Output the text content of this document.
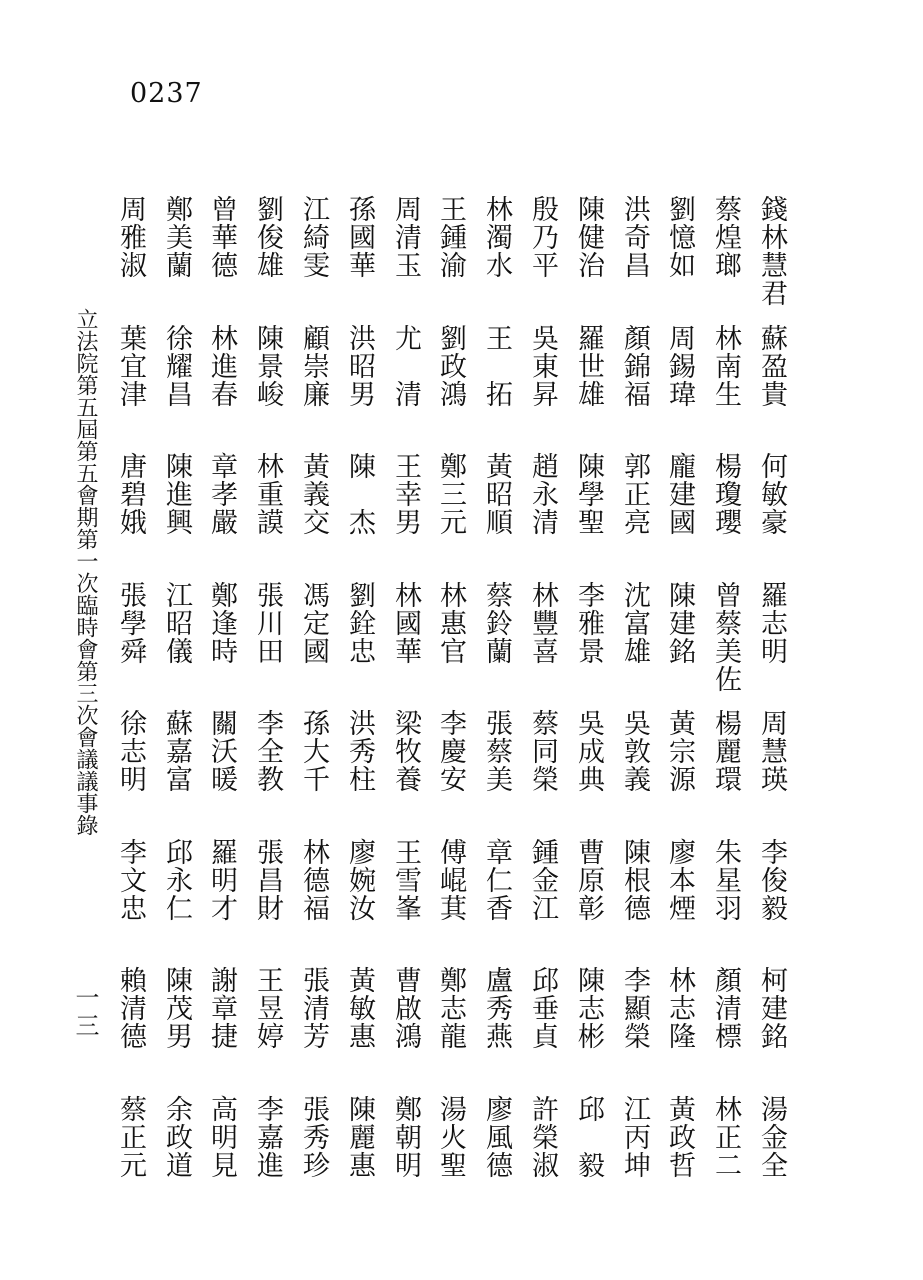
0237
立法院第五屆第五會期第一次臨時會第三次會議議事錄
一三
錢林慧君
蘇盈貴
何敏豪
羅志明
周慧瑛
李俊毅
柯建銘
湯金全
蔡煌瑯
林南生
楊瓊瓔
曾蔡美佐
楊麗環
朱星羽
顏清標
林正二
劉憶如
周錫瑋
龐建國
陳建銘
黃宗源
廖本煙
林志隆
黃政哲
洪奇昌
顏錦福
郭正亮
沈富雄
吳敦義
陳根德
李顯榮
江丙坤
陳健治
羅世雄
陳學聖
李雅景
吳成典
曹原彰
陳志彬
邱　毅
殷乃平
吳東昇
趙永清
林豐喜
蔡同榮
鍾金江
邱垂貞
許榮淑
林濁水
王　拓
黃昭順
蔡鈴蘭
張蔡美
章仁香
盧秀燕
廖風德
王鍾渝
劉政鴻
鄭三元
林惠官
李慶安
傅崐萁
鄭志龍
湯火聖
周清玉
尤　清
王幸男
林國華
梁牧養
王雪峯
曹啟鴻
鄭朝明
孫國華
洪昭男
陳　杰
劉銓忠
洪秀柱
廖婉汝
黃敏惠
陳麗惠
江綺雯
顧崇廉
黃義交
馮定國
孫大千
林德福
張清芳
張秀珍
劉俊雄
陳景峻
林重謨
張川田
李全教
張昌財
王昱婷
李嘉進
曾華德
林進春
章孝嚴
鄭逢時
關沃暖
羅明才
謝章捷
高明見
鄭美蘭
徐耀昌
陳進興
江昭儀
蘇嘉富
邱永仁
陳茂男
余政道
周雅淑
葉宜津
唐碧娥
張學舜
徐志明
李文忠
賴清德
蔡正元
